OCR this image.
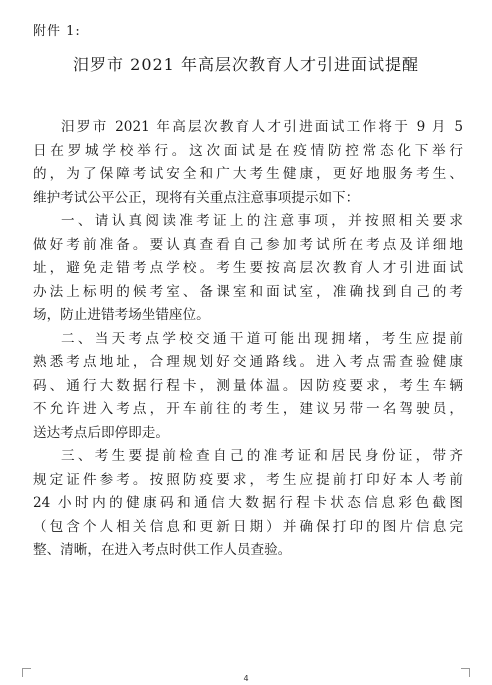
附件 1:
汨罗市 2021 年高层次教育人才引进面试提醒
汨罗市 2021 年高层次教育人才引进面试工作将于 9 月 5
日在罗城学校举行。这次面试是在疫情防控常态化下举行
的，为了保障考试安全和广大考生健康，更好地服务考生、
维护考试公平公正，现将有关重点注意事项提示如下：
一、请认真阅读准考证上的注意事项，并按照相关要求
做好考前准备。要认真查看自己参加考试所在考点及详细地
址，避免走错考点学校。考生要按高层次教育人才引进面试
办法上标明的候考室、备课室和面试室，准确找到自己的考
场，防止进错考场坐错座位。
二、当天考点学校交通干道可能出现拥堵，考生应提前
熟悉考点地址，合理规划好交通路线。进入考点需查验健康
码、通行大数据行程卡，测量体温。因防疫要求，考生车辆
不允许进入考点，开车前往的考生，建议另带一名驾驶员，
送达考点后即停即走。
三、考生要提前检查自己的准考证和居民身份证，带齐
规定证件参考。按照防疫要求，考生应提前打印好本人考前
24 小时内的健康码和通信大数据行程卡状态信息彩色截图
（包含个人相关信息和更新日期）并确保打印的图片信息完
整、清晰，在进入考点时供工作人员查验。
4
